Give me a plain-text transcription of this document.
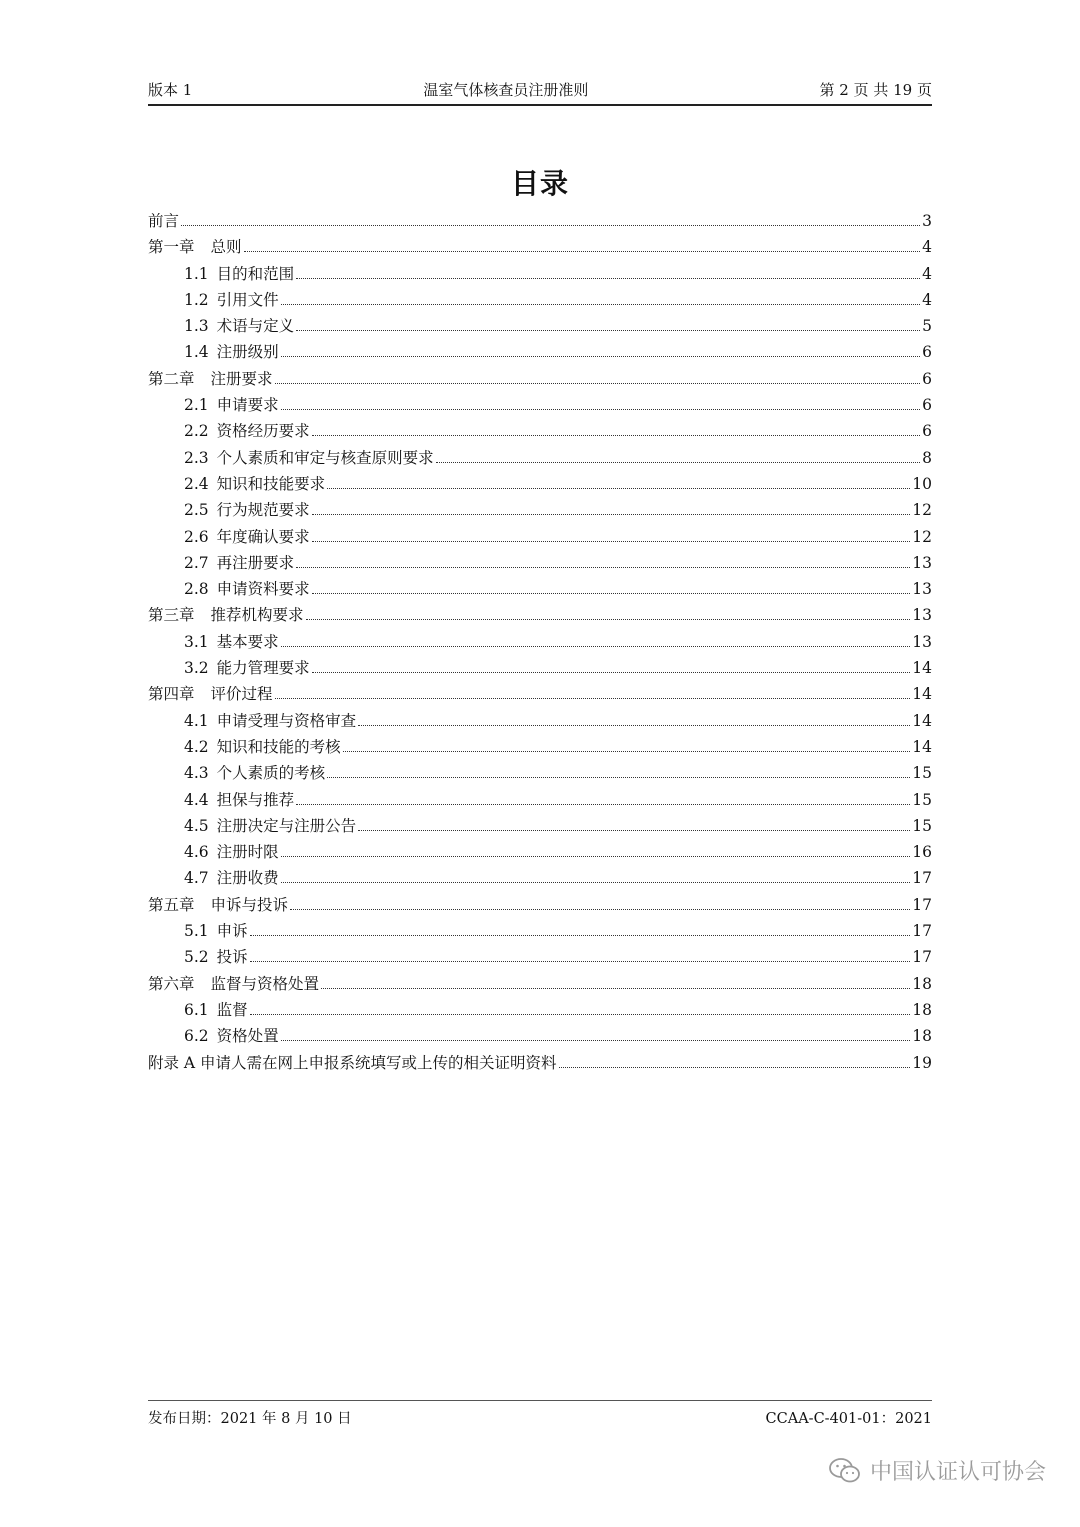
版本 1	温室气体核查员注册准则	第 2 页 共 19 页
目录
前言	3
第一章 总则	4
1.1 目的和范围	4
1.2 引用文件	4
1.3 术语与定义	5
1.4 注册级别	6
第二章 注册要求	6
2.1 申请要求	6
2.2 资格经历要求	6
2.3 个人素质和审定与核查原则要求	8
2.4 知识和技能要求	10
2.5 行为规范要求	12
2.6 年度确认要求	12
2.7 再注册要求	13
2.8 申请资料要求	13
第三章 推荐机构要求	13
3.1 基本要求	13
3.2 能力管理要求	14
第四章 评价过程	14
4.1 申请受理与资格审查	14
4.2 知识和技能的考核	14
4.3 个人素质的考核	15
4.4 担保与推荐	15
4.5 注册决定与注册公告	15
4.6 注册时限	16
4.7 注册收费	17
第五章 申诉与投诉	17
5.1 申诉	17
5.2 投诉	17
第六章 监督与资格处置	18
6.1 监督	18
6.2 资格处置	18
附录 A 申请人需在网上申报系统填写或上传的相关证明资料	19
发布日期：2021 年 8 月 10 日	CCAA-C-401-01：2021
中国认证认可协会
